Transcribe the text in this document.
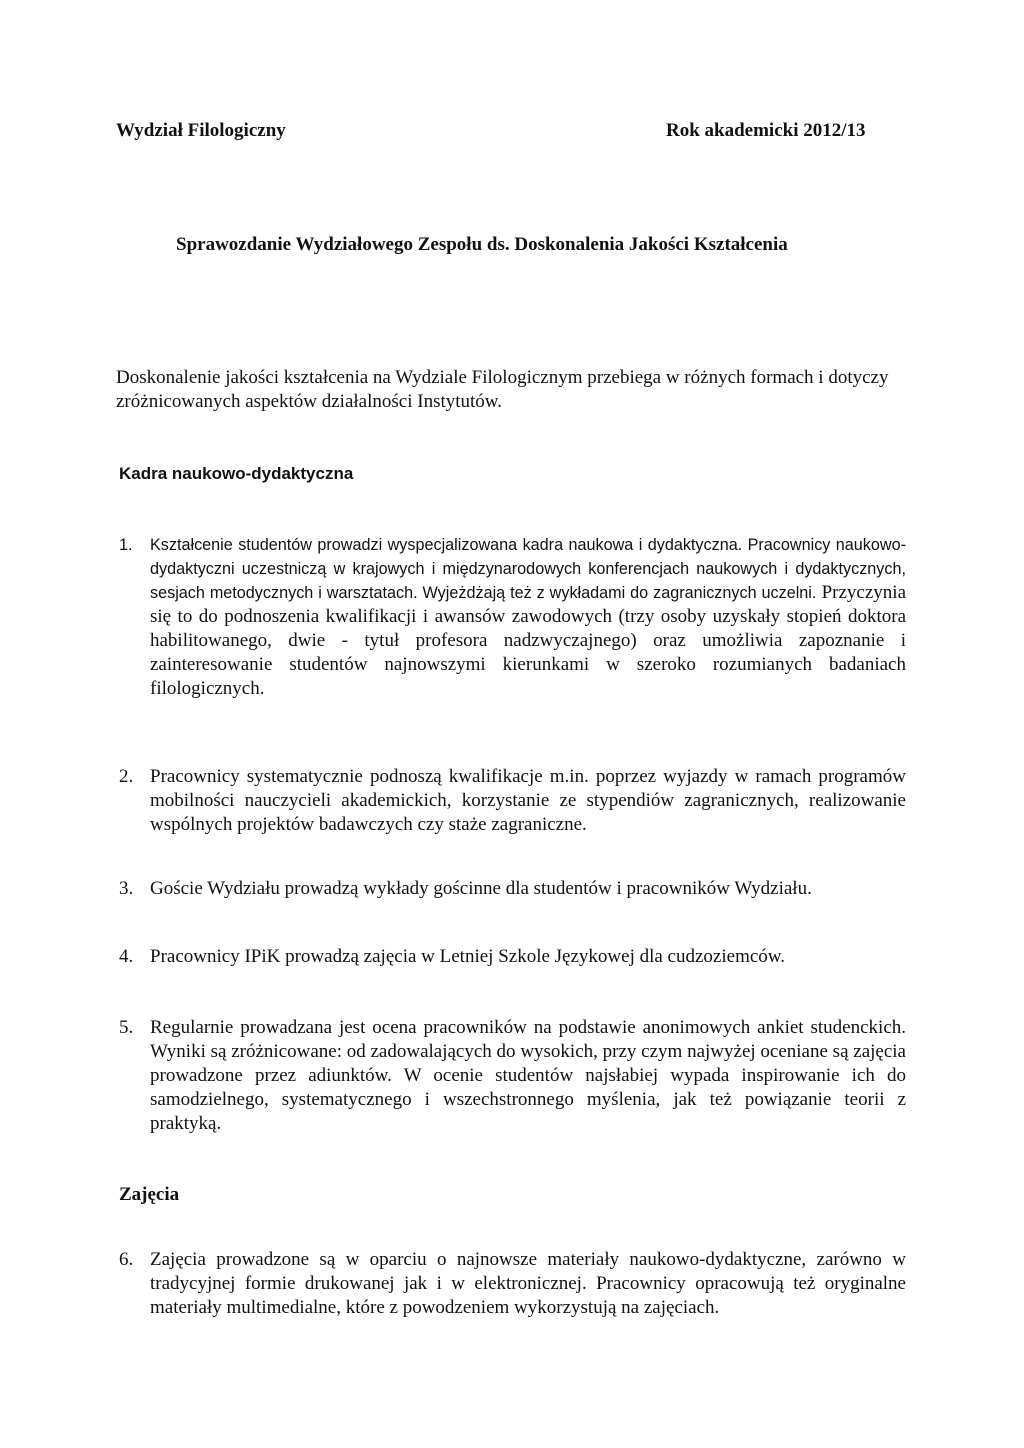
Wydział Filologiczny	Rok akademicki 2012/13
Sprawozdanie Wydziałowego Zespołu ds. Doskonalenia Jakości Kształcenia
Doskonalenie jakości kształcenia na Wydziale Filologicznym przebiega w różnych formach i dotyczy zróżnicowanych aspektów działalności Instytutów.
Kadra naukowo-dydaktyczna
1. Kształcenie studentów prowadzi wyspecjalizowana kadra naukowa i dydaktyczna. Pracownicy naukowo-dydaktyczni uczestniczą w krajowych i międzynarodowych konferencjach naukowych i dydaktycznych, sesjach metodycznych i warsztatach. Wyjeżdżają też z wykładami do zagranicznych uczelni. Przyczynia się to do podnoszenia kwalifikacji i awansów zawodowych (trzy osoby uzyskały stopień doktora habilitowanego, dwie - tytuł profesora nadzwyczajnego) oraz umożliwia zapoznanie i zainteresowanie studentów najnowszymi kierunkami w szeroko rozumianych badaniach filologicznych.
2. Pracownicy systematycznie podnoszą kwalifikacje m.in. poprzez wyjazdy w ramach programów mobilności nauczycieli akademickich, korzystanie ze stypendiów zagranicznych, realizowanie wspólnych projektów badawczych czy staże zagraniczne.
3. Goście Wydziału prowadzą wykłady gościnne dla studentów i pracowników Wydziału.
4. Pracownicy IPiK prowadzą zajęcia w Letniej Szkole Językowej dla cudzoziemców.
5. Regularnie prowadzana jest ocena pracowników na podstawie anonimowych ankiet studenckich. Wyniki są zróżnicowane: od zadowalających do wysokich, przy czym najwyżej oceniane są zajęcia prowadzone przez adiunktów. W ocenie studentów najsłabiej wypada inspirowanie ich do samodzielnego, systematycznego i wszechstronnego myślenia, jak też powiązanie teorii z praktyką.
Zajęcia
6. Zajęcia prowadzone są w oparciu o najnowsze materiały naukowo-dydaktyczne, zarówno w tradycyjnej formie drukowanej jak i w elektronicznej. Pracownicy opracowują też oryginalne materiały multimedialne, które z powodzeniem wykorzystują na zajęciach.
